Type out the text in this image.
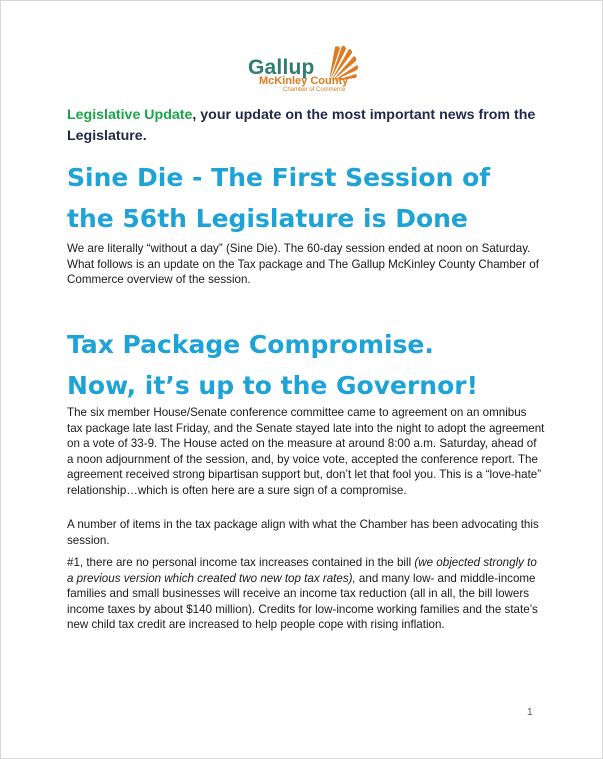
Gallup
McKinley County
Chamber of Commerce
Legislative Update, your update on the most important news from the Legislature.
Sine Die - The First Session of
the 56th Legislature is Done
We are literally “without a day” (Sine Die). The 60-day session ended at noon on Saturday. What follows is an update on the Tax package and The Gallup McKinley County Chamber of Commerce overview of the session.
Tax Package Compromise.
Now, it’s up to the Governor!
The six member House/Senate conference committee came to agreement on an omnibus tax package late last Friday, and the Senate stayed late into the night to adopt the agreement on a vote of 33-9. The House acted on the measure at around 8:00 a.m. Saturday, ahead of a noon adjournment of the session, and, by voice vote, accepted the conference report. The agreement received strong bipartisan support but, don’t let that fool you. This is a “love-hate” relationship…which is often here are a sure sign of a compromise.
A number of items in the tax package align with what the Chamber has been advocating this session.
#1, there are no personal income tax increases contained in the bill (we objected strongly to a previous version which created two new top tax rates), and many low- and middle-income families and small businesses will receive an income tax reduction (all in all, the bill lowers income taxes by about $140 million). Credits for low-income working families and the state’s new child tax credit are increased to help people cope with rising inflation.
1
